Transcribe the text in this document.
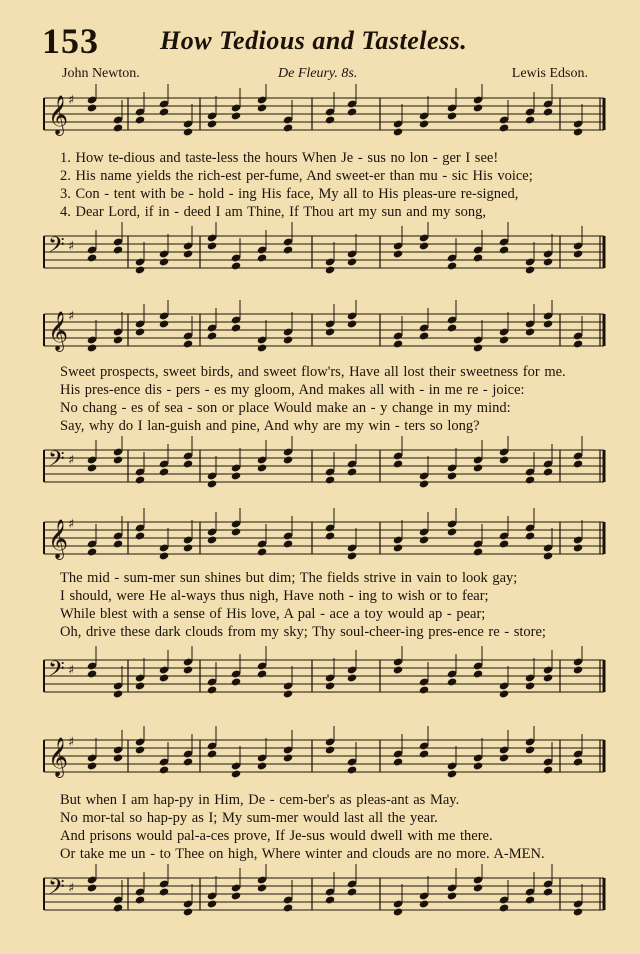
153 How Tedious and Tasteless.
John Newton.	De Fleury. 8s.	Lewis Edson.
𝄞 ♯
1. How te-dious and taste-less the hours When Je - sus no lon - ger I see!
2. His name yields the rich-est per-fume, And sweet-er than mu - sic His voice;
3. Con - tent with be - hold - ing His face, My all to His pleas-ure re-signed,
4. Dear Lord, if in - deed I am Thine, If Thou art my sun and my song,
𝄢 ♯
𝄞 ♯
Sweet prospects, sweet birds, and sweet flow'rs, Have all lost their sweetness for me.
His pres-ence dis - pers - es my gloom, And makes all with - in me re - joice:
No chang - es of sea - son or place Would make an - y change in my mind:
Say, why do I lan-guish and pine, And why are my win - ters so long?
𝄢 ♯
𝄞 ♯
The mid - sum-mer sun shines but dim; The fields strive in vain to look gay;
I should, were He al-ways thus nigh, Have noth - ing to wish or to fear;
While blest with a sense of His love, A pal - ace a toy would ap - pear;
Oh, drive these dark clouds from my sky; Thy soul-cheer-ing pres-ence re - store;
𝄢 ♯
𝄞 ♯
But when I am hap-py in Him, De - cem-ber's as pleas-ant as May.
No mor-tal so hap-py as I; My sum-mer would last all the year.
And prisons would pal-a-ces prove, If Je-sus would dwell with me there.
Or take me un - to Thee on high, Where winter and clouds are no more. A-MEN.
𝄢 ♯
